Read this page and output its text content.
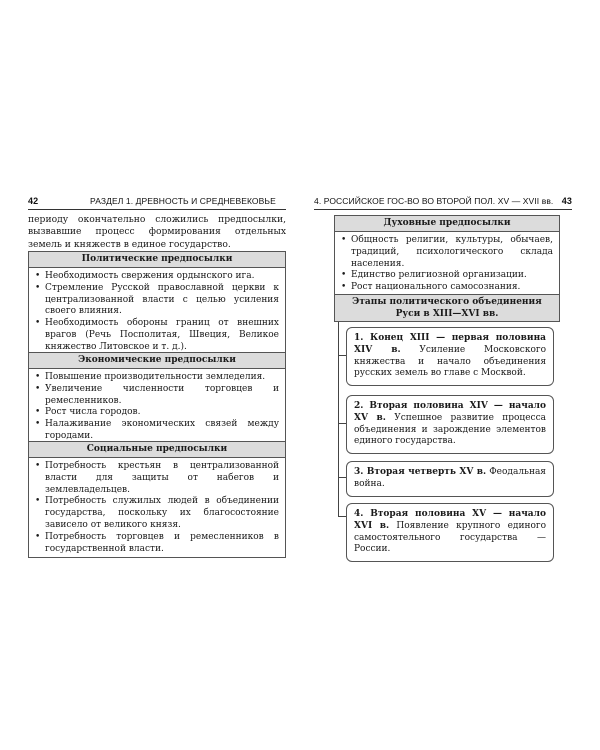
42	РАЗДЕЛ 1. ДРЕВНОСТЬ И СРЕДНЕВЕКОВЬЕ
периоду окончательно сложились предпосылки, вызвавшие процесс формирования отдельных земель и княжеств в единое государство.
Политические предпосылки
• Необходимость свержения ордынского ига.
• Стремление Русской православной церкви к централизованной власти с целью усиления своего влияния.
• Необходимость обороны границ от внешних врагов (Речь Посполитая, Швеция, Великое княжество Литовское и т. д.).
Экономические предпосылки
• Повышение производительности земледелия.
• Увеличение численности торговцев и ремесленников.
• Рост числа городов.
• Налаживание экономических связей между городами.
Социальные предпосылки
• Потребность крестьян в централизованной власти для защиты от набегов и землевладельцев.
• Потребность служилых людей в объединении государства, поскольку их благосостояние зависело от великого князя.
• Потребность торговцев и ремесленников в государственной власти.
4. РОССИЙСКОЕ ГОС-ВО ВО ВТОРОЙ ПОЛ. XV — XVII вв. 43
Духовные предпосылки
• Общность религии, культуры, обычаев, традиций, психологического склада населения.
• Единство религиозной организации.
• Рост национального самосознания.
Этапы политического объединения
Руси в XIII—XVI вв.
1. Конец XIII — первая половина XIV в. Усиление Московского княжества и начало объединения русских земель во главе с Москвой.
2. Вторая половина XIV — начало XV в. Успешное развитие процесса объединения и зарождение элементов единого государства.
3. Вторая четверть XV в. Феодальная война.
4. Вторая половина XV — начало XVI в. Появление крупного единого самостоятельного государства — России.
